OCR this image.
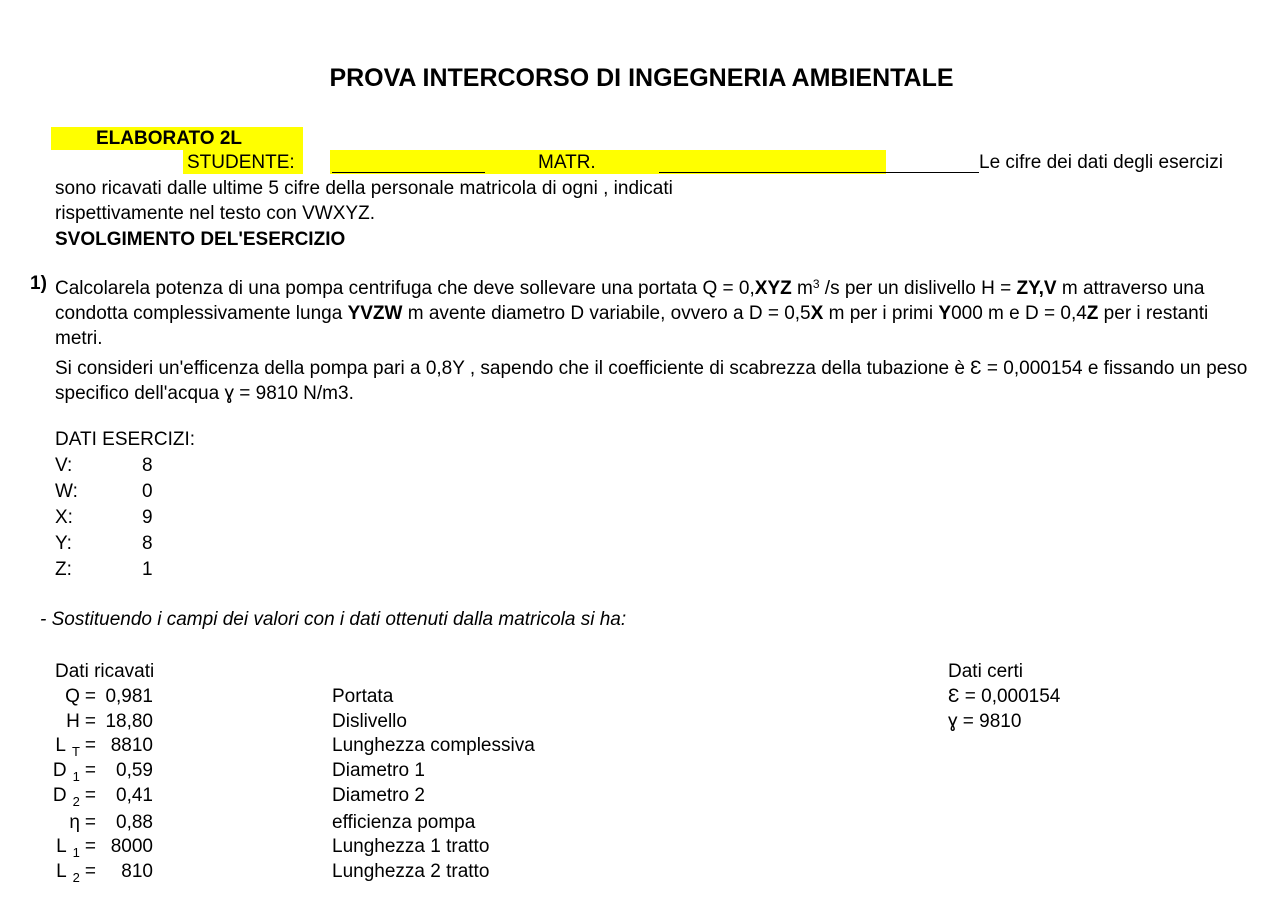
PROVA INTERCORSO DI INGEGNERIA AMBIENTALE
ELABORATO 2L
STUDENTE:	MATR.	Le cifre dei dati degli esercizi
sono ricavati dalle ultime 5 cifre della personale matricola di ogni , indicati
rispettivamente nel testo con VWXYZ.
SVOLGIMENTO DEL'ESERCIZIO
1) Calcolarela potenza di una pompa centrifuga che deve sollevare una portata Q = 0,XYZ $m^3$ /s per un dislivello H = ZY,V m attraverso una condotta complessivamente lunga YVZW m avente diametro D variabile, ovvero a D = 0,5X m per i primi Y000 m e D = 0,4Z per i restanti metri.
Si consideri un'efficenza della pompa pari a 0,8Y , sapendo che il coefficiente di scabrezza della tubazione è Ɛ = 0,000154 e fissando un peso specifico dell'acqua ɣ = 9810 N/m3.
DATI ESERCIZI:
V:	8
W:	0
X:	9
Y:	8
Z:	1
- Sostituendo i campi dei valori con i dati ottenuti dalla matricola si ha:
Dati ricavati
Q = 0,981	Portata
H = 18,80	Dislivello
L $_T$ = 8810	Lunghezza complessiva
D $_1$ =	0,59	Diametro 1
D $_2$ =	0,41	Diametro 2
η =	0,88	efficienza pompa
L $_1$ = 8000	Lunghezza 1 tratto
L $_2$ =	810	Lunghezza 2 tratto
Dati certi
Ɛ = 0,000154
ɣ = 9810
